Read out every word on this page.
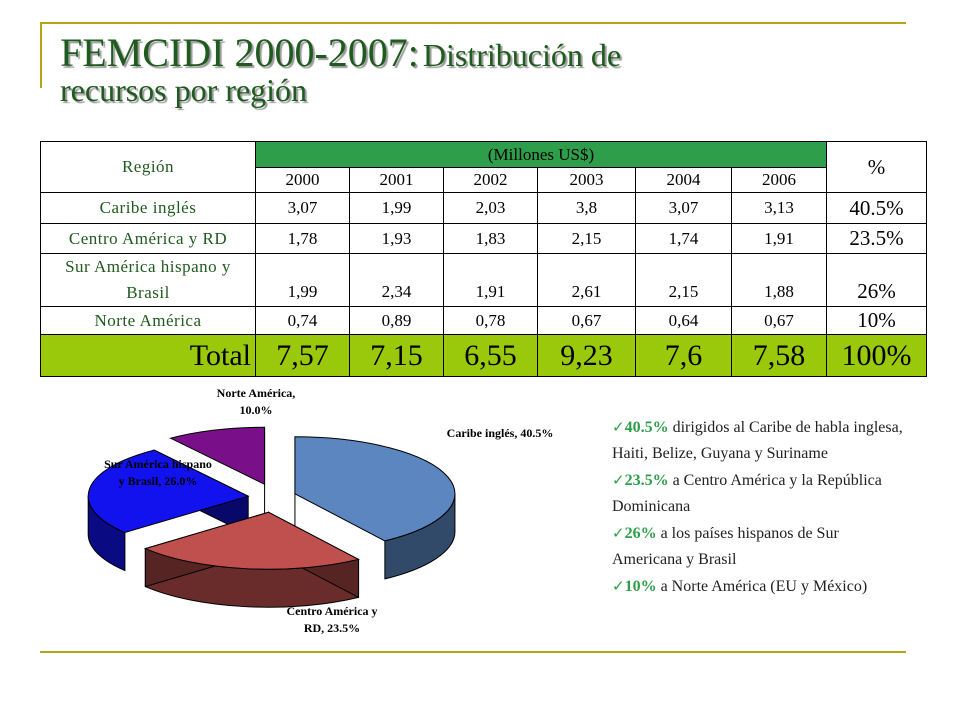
FEMCIDI 2000-2007: Distribución de
recursos por región
Región	(Millones US$)						%
	2000	2001	2002	2003	2004	2006	
Caribe inglés	3,07	1,99	2,03	3,8	3,07	3,13	40.5%
Centro América y RD	1,78	1,93	1,83	2,15	1,74	1,91	23.5%
Sur América hispano y
Brasil	1,99	2,34	1,91	2,61	2,15	1,88	26%
Norte América	0,74	0,89	0,78	0,67	0,64	0,67	10%
Total	7,57	7,15	6,55	9,23	7,6	7,58	100%
Caribe inglés, 40.5%
Centro América y RD, 23.5%
Sur América hispano y Brasil, 26.0%
Norte América, 10.0%
✓40.5% dirigidos al Caribe de habla inglesa, Haiti, Belize, Guyana y Suriname
✓23.5% a Centro América y la República Dominicana
✓26% a los países hispanos de Sur Americana y Brasil
✓10% a Norte América (EU y México)
